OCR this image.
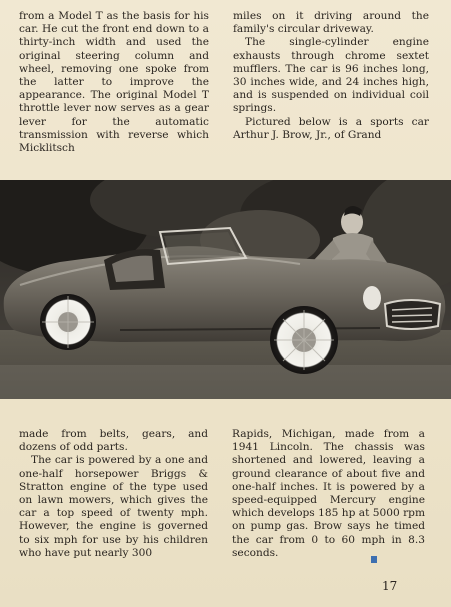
from a Model T as the basis for his car. He cut the front end down to a thirty-inch width and used the original steering column and wheel, removing one spoke from the latter to improve the appearance. The original Model T throttle lever now serves as a gear lever for the automatic transmission with reverse which Micklitsch

miles on it driving around the family's circular driveway.

The single-cylinder engine exhausts through chrome sextet mufflers. The car is 96 inches long, 30 inches wide, and 24 inches high, and is suspended on individual coil springs.

Pictured below is a sports car Arthur J. Brow, Jr., of Grand

made from belts, gears, and dozens of odd parts.

The car is powered by a one and one-half horsepower Briggs & Stratton engine of the type used on lawn mowers, which gives the car a top speed of twenty mph. However, the engine is governed to six mph for use by his children who have put nearly 300

Rapids, Michigan, made from a 1941 Lincoln. The chassis was shortened and lowered, leaving a ground clearance of about five and one-half inches. It is powered by a speed-equipped Mercury engine which develops 185 hp at 5000 rpm on pump gas. Brow says he timed the car from 0 to 60 mph in 8.3 seconds.

17
